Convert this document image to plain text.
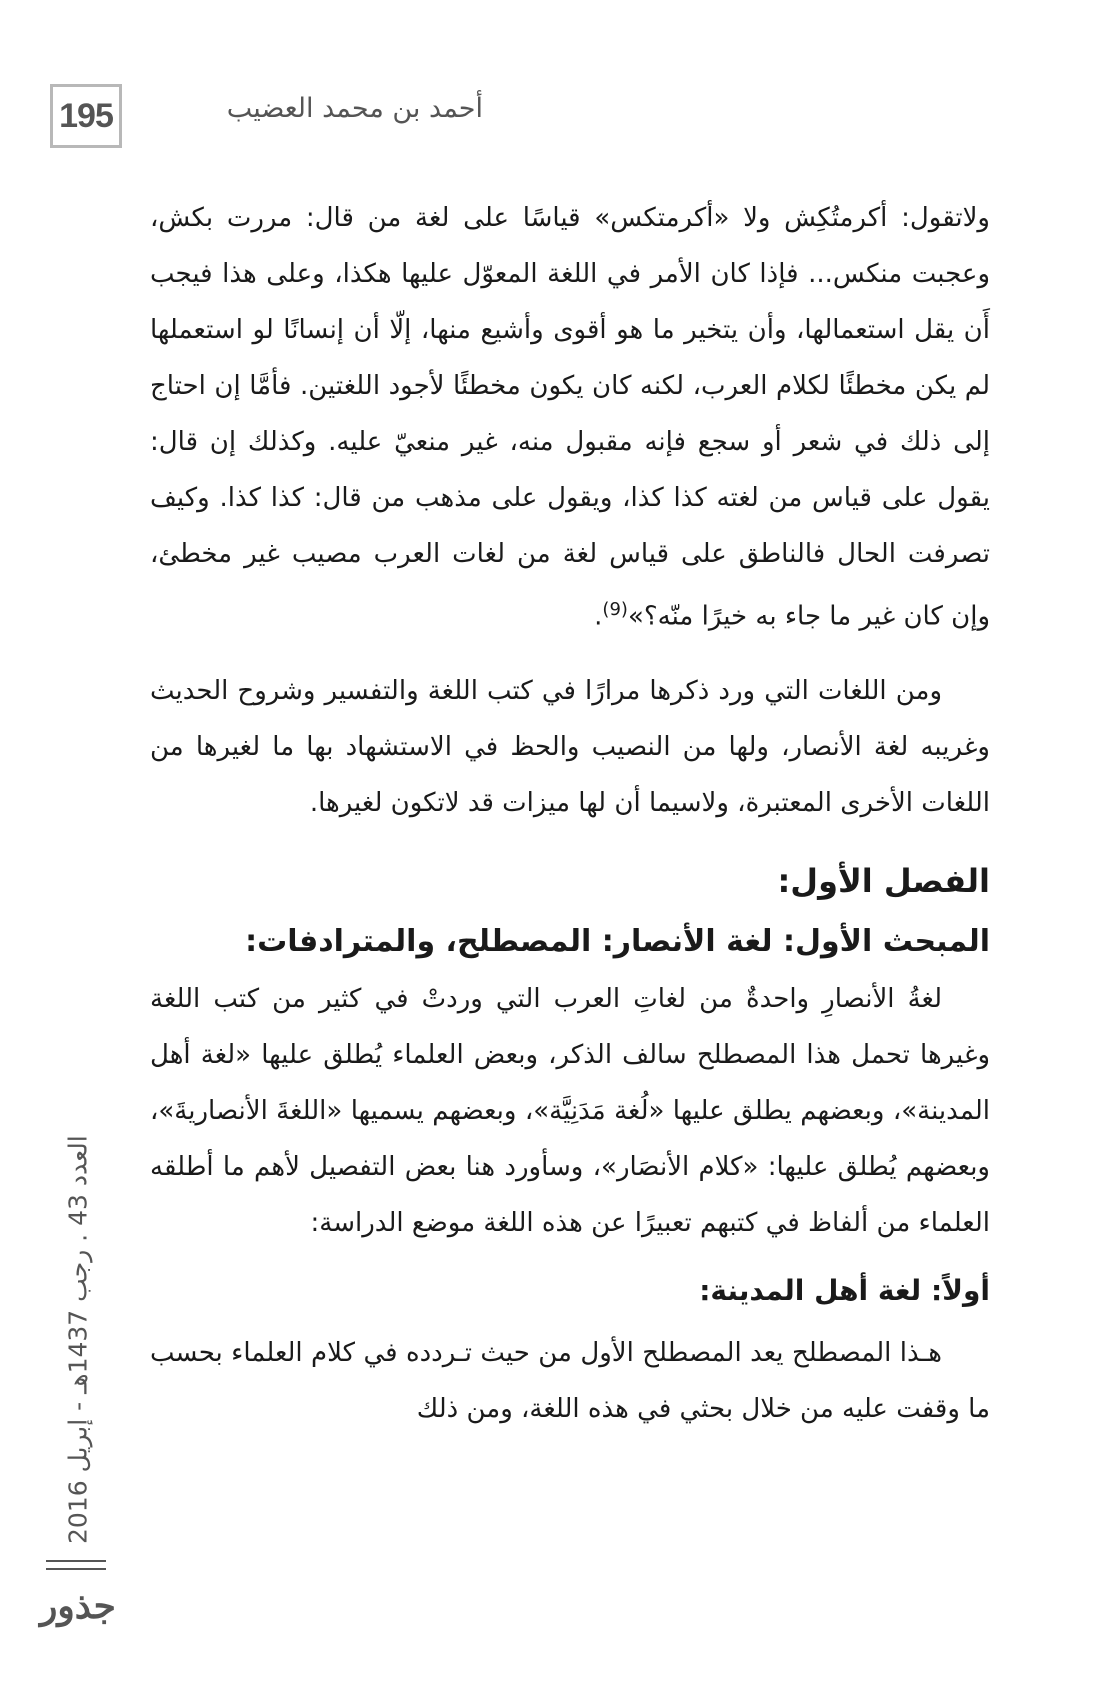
195	أحمد بن محمد العضيب

ولاتقول: أكرمتُكِش ولا «أكرمتكس» قياسًا على لغة من قال: مررت بكش، وعجبت منكس... فإذا كان الأمر في اللغة المعوّل عليها هكذا، وعلى هذا فيجب أَن يقل استعمالها، وأن يتخير ما هو أقوى وأشيع منها، إلّا أن إنسانًا لو استعملها لم يكن مخطئًا لكلام العرب، لكنه كان يكون مخطئًا لأجود اللغتين. فأمَّا إن احتاج إلى ذلك في شعر أو سجع فإنه مقبول منه، غير منعيّ عليه. وكذلك إن قال: يقول على قياس من لغته كذا كذا، ويقول على مذهب من قال: كذا كذا. وكيف تصرفت الحال فالناطق على قياس لغة من لغات العرب مصيب غير مخطئ، وإن كان غير ما جاء به خيرًا منّه؟»$^{(9)}$.

ومن اللغات التي ورد ذكرها مرارًا في كتب اللغة والتفسير وشروح الحديث وغريبه لغة الأنصار، ولها من النصيب والحظ في الاستشهاد بها ما لغيرها من اللغات الأخرى المعتبرة، ولاسيما أن لها ميزات قد لاتكون لغيرها.

الفصل الأول:
المبحث الأول: لغة الأنصار: المصطلح، والمترادفات:

لغةُ الأنصارِ واحدةٌ من لغاتِ العرب التي وردتْ في كثير من كتب اللغة وغيرها تحمل هذا المصطلح سالف الذكر، وبعض العلماء يُطلق عليها «لغة أهل المدينة»، وبعضهم يطلق عليها «لُغة مَدَنِيَّة»، وبعضهم يسميها «اللغةَ الأنصاريةَ»، وبعضهم يُطلق عليها: «كلام الأنصَار»، وسأورد هنا بعض التفصيل لأهم ما أطلقه العلماء من ألفاظ في كتبهم تعبيرًا عن هذه اللغة موضع الدراسة:

أولاً: لغة أهل المدينة:

هـذا المصطلح يعد المصطلح الأول من حيث تـردده في كلام العلماء بحسب ما وقفت عليه من خلال بحثي في هذه اللغة، ومن ذلك

العدد 43 . رجب 1437هـ - إبريل 2016
جذور
